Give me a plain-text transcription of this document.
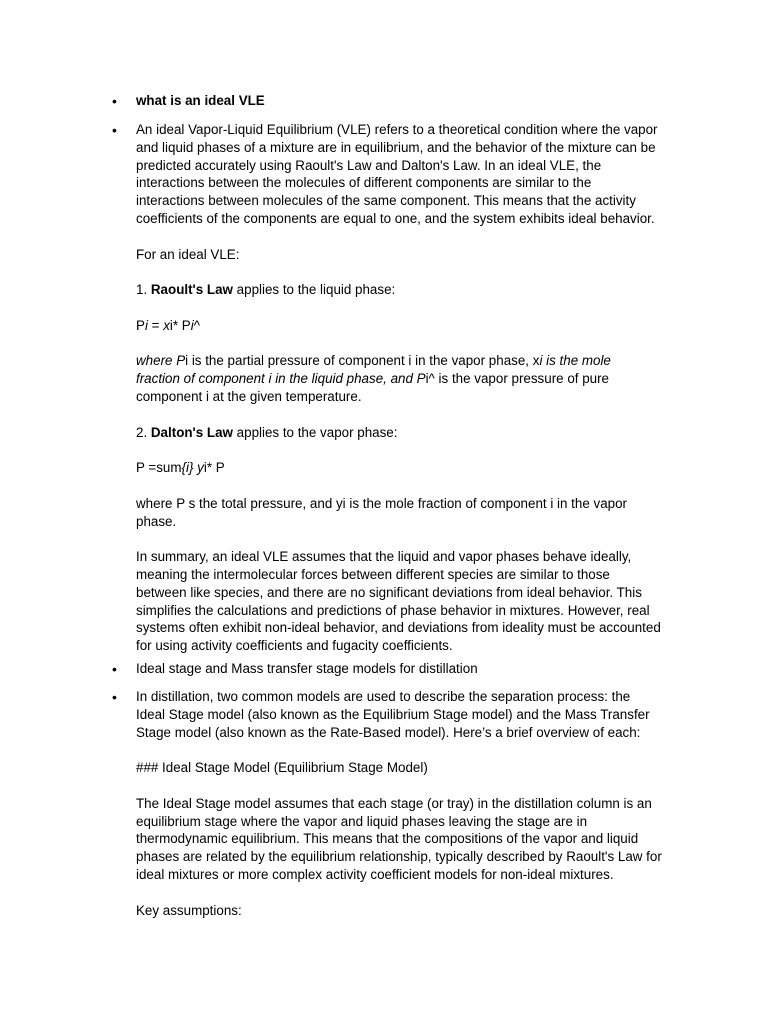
• what is an ideal VLE
• An ideal Vapor-Liquid Equilibrium (VLE) refers to a theoretical condition where the vapor
and liquid phases of a mixture are in equilibrium, and the behavior of the mixture can be
predicted accurately using Raoult's Law and Dalton's Law. In an ideal VLE, the
interactions between the molecules of different components are similar to the
interactions between molecules of the same component. This means that the activity
coefficients of the components are equal to one, and the system exhibits ideal behavior.
For an ideal VLE:
1. Raoult's Law applies to the liquid phase:
Pi = xi* Pi^
where Pi is the partial pressure of component i in the vapor phase, xi is the mole
fraction of component i in the liquid phase, and Pi^ is the vapor pressure of pure
component i at the given temperature.
2. Dalton's Law applies to the vapor phase:
P =sum{i} yi* P
where P s the total pressure, and yi is the mole fraction of component i in the vapor
phase.
In summary, an ideal VLE assumes that the liquid and vapor phases behave ideally,
meaning the intermolecular forces between different species are similar to those
between like species, and there are no significant deviations from ideal behavior. This
simplifies the calculations and predictions of phase behavior in mixtures. However, real
systems often exhibit non-ideal behavior, and deviations from ideality must be accounted
for using activity coefficients and fugacity coefficients.
• Ideal stage and Mass transfer stage models for distillation
• In distillation, two common models are used to describe the separation process: the
Ideal Stage model (also known as the Equilibrium Stage model) and the Mass Transfer
Stage model (also known as the Rate-Based model). Here’s a brief overview of each:
### Ideal Stage Model (Equilibrium Stage Model)
The Ideal Stage model assumes that each stage (or tray) in the distillation column is an
equilibrium stage where the vapor and liquid phases leaving the stage are in
thermodynamic equilibrium. This means that the compositions of the vapor and liquid
phases are related by the equilibrium relationship, typically described by Raoult's Law for
ideal mixtures or more complex activity coefficient models for non-ideal mixtures.
Key assumptions:
